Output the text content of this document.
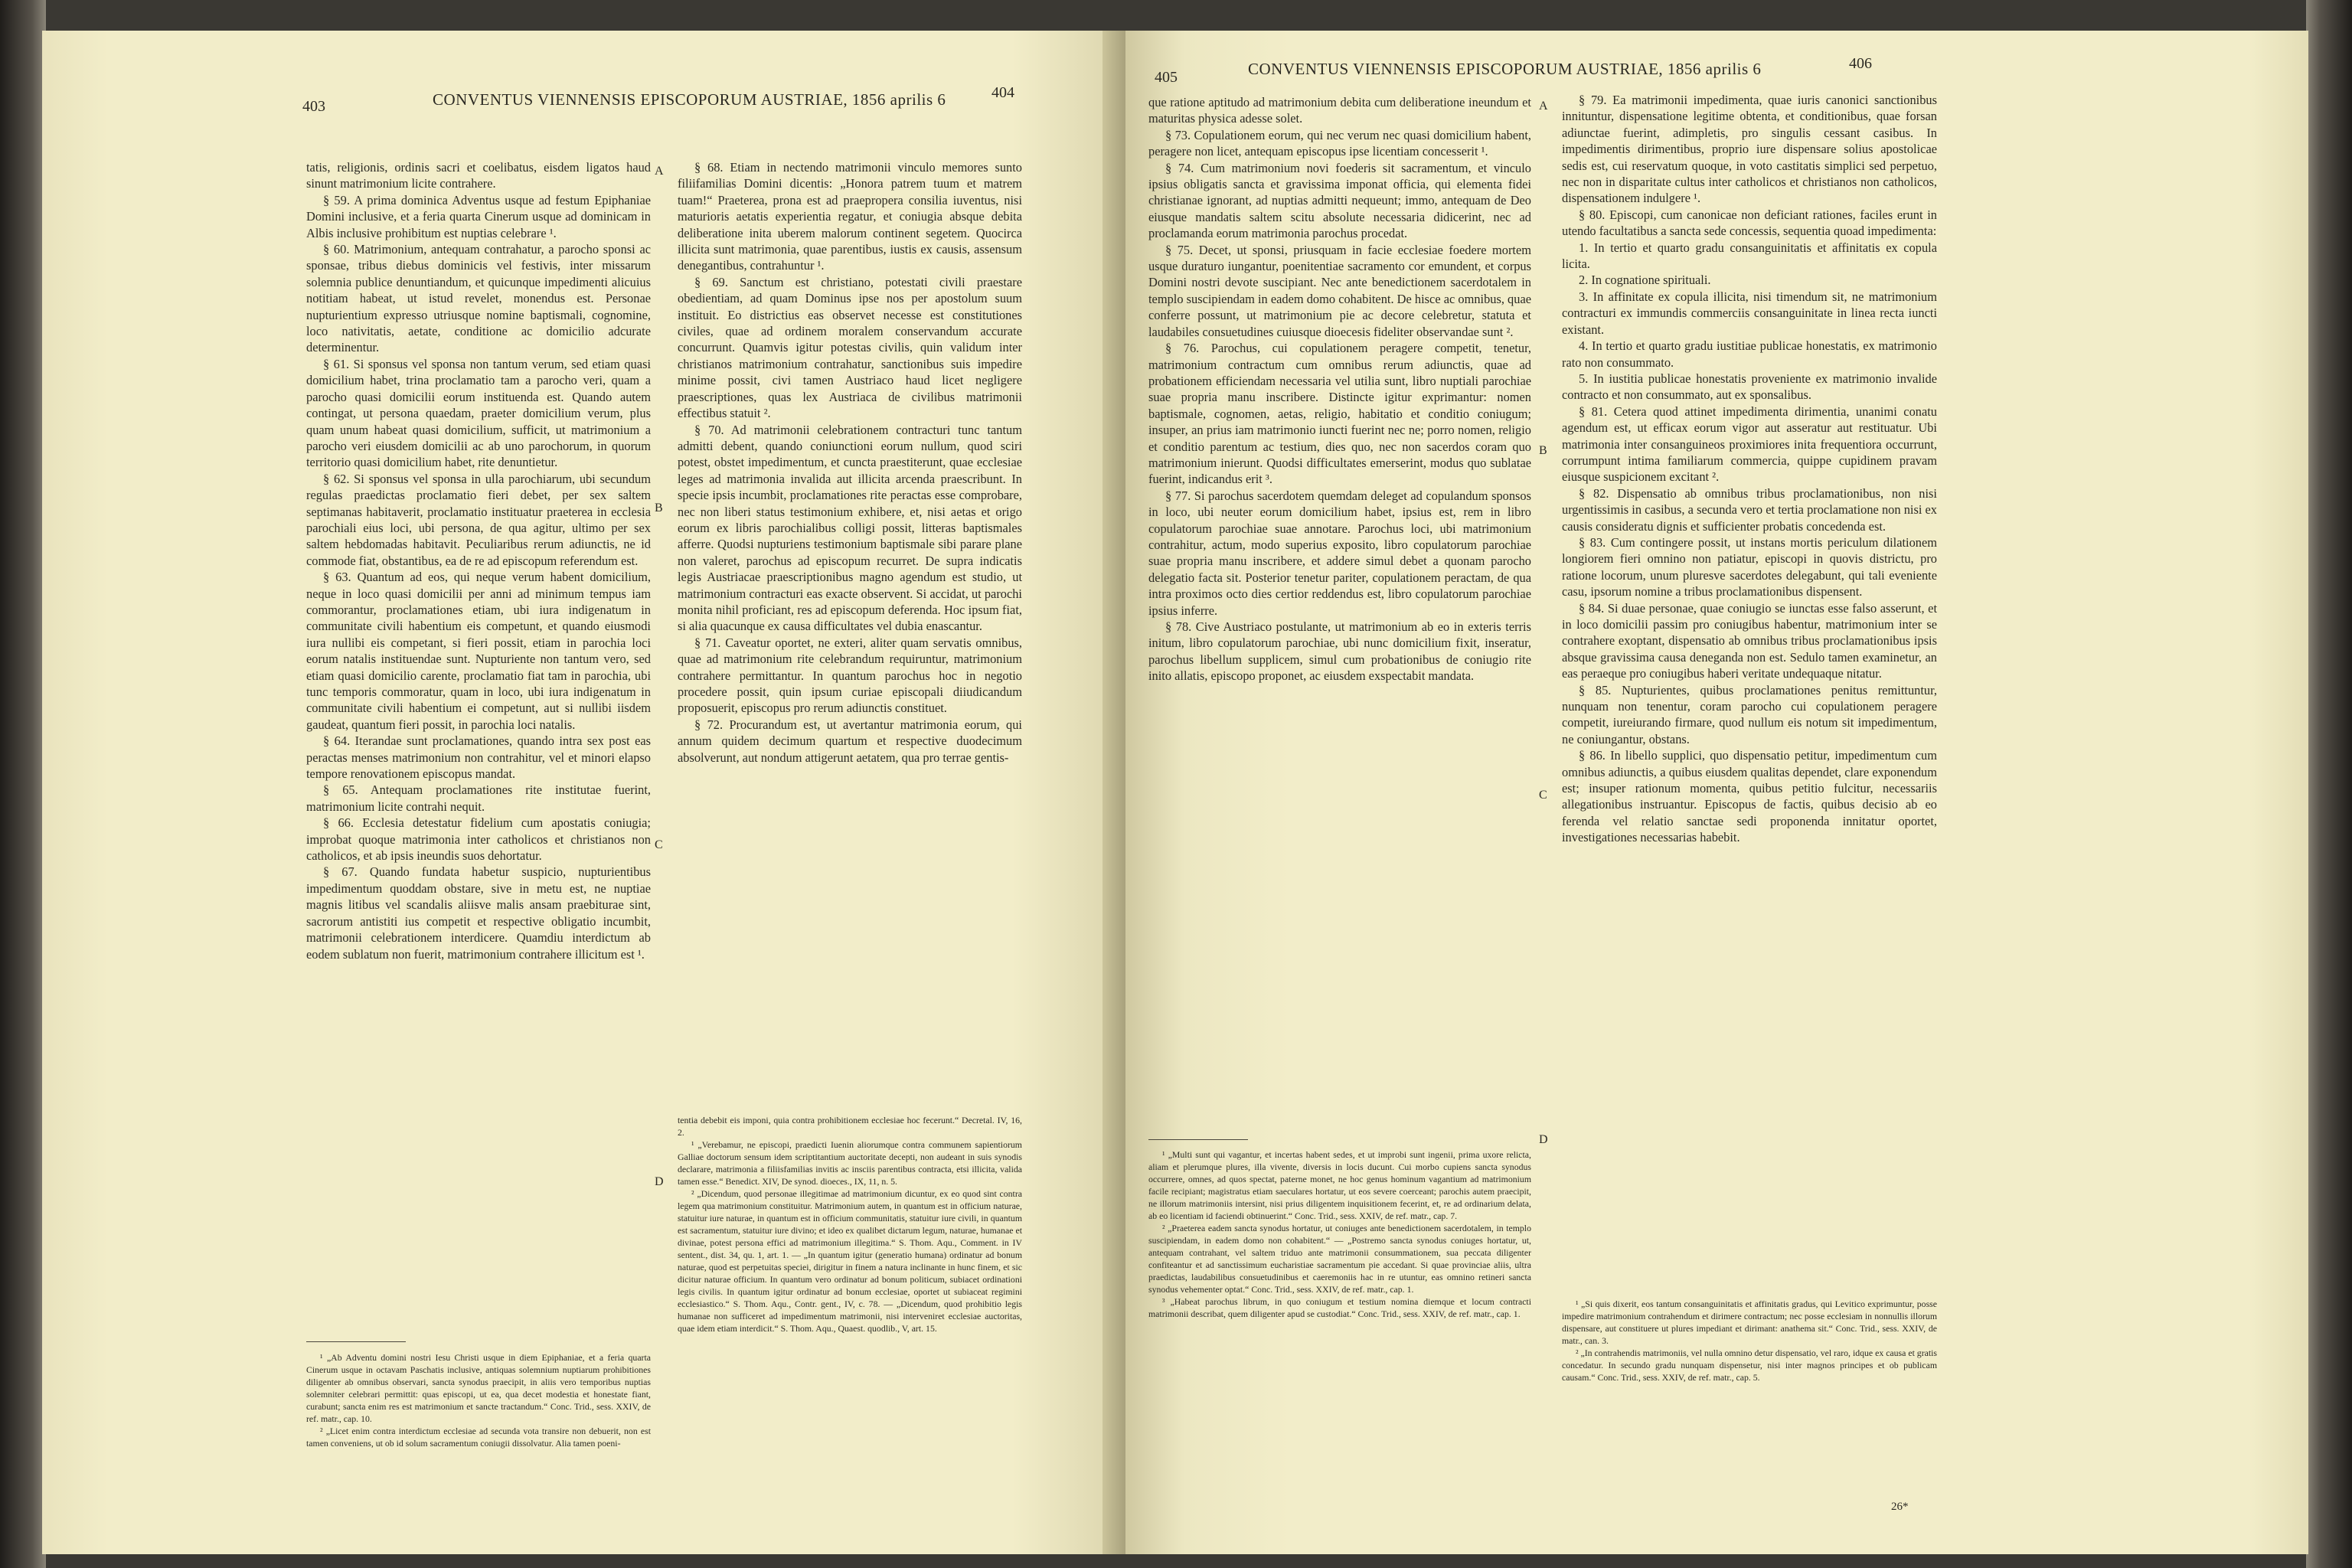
403	CONVENTUS VIENNENSIS EPISCOPORUM AUSTRIAE, 1856 aprilis 6	404
A
B
C
D

tatis, religionis, ordinis sacri et coelibatus, eisdem ligatos haud sinunt matrimonium licite contrahere.

§ 59. A prima dominica Adventus usque ad festum Epiphaniae Domini inclusive, et a feria quarta Cinerum usque ad dominicam in Albis inclusive prohibitum est nuptias celebrare ¹.

§ 60. Matrimonium, antequam contrahatur, a parocho sponsi ac sponsae, tribus diebus dominicis vel festivis, inter missarum solemnia publice denuntiandum, et quicunque impedimenti alicuius notitiam habeat, ut istud revelet, monendus est. Personae nupturientium expresso utriusque nomine baptismali, cognomine, loco nativitatis, aetate, conditione ac domicilio adcurate determinentur.

§ 61. Si sponsus vel sponsa non tantum verum, sed etiam quasi domicilium habet, trina proclamatio tam a parocho veri, quam a parocho quasi domicilii eorum instituenda est. Quando autem contingat, ut persona quaedam, praeter domicilium verum, plus quam unum habeat quasi domicilium, sufficit, ut matrimonium a parocho veri eiusdem domicilii ac ab uno parochorum, in quorum territorio quasi domicilium habet, rite denuntietur.

§ 62. Si sponsus vel sponsa in ulla parochiarum, ubi secundum regulas praedictas proclamatio fieri debet, per sex saltem septimanas habitaverit, proclamatio instituatur praeterea in ecclesia parochiali eius loci, ubi persona, de qua agitur, ultimo per sex saltem hebdomadas habitavit. Peculiaribus rerum adiunctis, ne id commode fiat, obstantibus, ea de re ad episcopum referendum est.

§ 63. Quantum ad eos, qui neque verum habent domicilium, neque in loco quasi domicilii per anni ad minimum tempus iam commorantur, proclamationes etiam, ubi iura indigenatum in communitate civili habentium eis competunt, et quando eiusmodi iura nullibi eis competant, si fieri possit, etiam in parochia loci eorum natalis instituendae sunt. Nupturiente non tantum vero, sed etiam quasi domicilio carente, proclamatio fiat tam in parochia, ubi tunc temporis commoratur, quam in loco, ubi iura indigenatum in communitate civili habentium ei competunt, aut si nullibi iisdem gaudeat, quantum fieri possit, in parochia loci natalis.

§ 64. Iterandae sunt proclamationes, quando intra sex post eas peractas menses matrimonium non contrahitur, vel et minori elapso tempore renovationem episcopus mandat.

§ 65. Antequam proclamationes rite institutae fuerint, matrimonium licite contrahi nequit.

§ 66. Ecclesia detestatur fidelium cum apostatis coniugia; improbat quoque matrimonia inter catholicos et christianos non catholicos, et ab ipsis ineundis suos dehortatur.

§ 67. Quando fundata habetur suspicio, nupturientibus impedimentum quoddam obstare, sive in metu est, ne nuptiae magnis litibus vel scandalis aliisve malis ansam praebiturae sint, sacrorum antistiti ius competit et respective obligatio incumbit, matrimonii celebrationem interdicere. Quamdiu interdictum ab eodem sublatum non fuerit, matrimonium contrahere illicitum est ¹.

§ 68. Etiam in nectendo matrimonii vinculo memores sunto filiifamilias Domini dicentis: „Honora patrem tuum et matrem tuam!“ Praeterea, prona est ad praeproperа consilia iuventus, nisi maturioris aetatis experientia regatur, et coniugia absque debita deliberatione inita uberem malorum continent segetem. Quocirca illicita sunt matrimonia, quae parentibus, iustis ex causis, assensum denegantibus, contrahuntur ¹.

§ 69. Sanctum est christiano, potestati civili praestare obedientiam, ad quam Dominus ipse nos per apostolum suum instituit. Eo districtius eas observet necesse est constitutiones civiles, quae ad ordinem moralem conservandum accurate concurrunt. Quamvis igitur potestas civilis, quin validum inter christianos matrimonium contrahatur, sanctionibus suis impedire minime possit, civi tamen Austriaco haud licet negligere praescriptiones, quas lex Austriaca de civilibus matrimonii effectibus statuit ².

§ 70. Ad matrimonii celebrationem contracturi tunc tantum admitti debent, quando coniunctioni eorum nullum, quod sciri potest, obstet impedimentum, et cuncta praestiterunt, quae ecclesiae leges ad matrimonia invalida aut illicita arcenda praescribunt. In specie ipsis incumbit, proclamationes rite peractas esse comprobare, nec non liberi status testimonium exhibere, et, nisi aetas et origo eorum ex libris parochialibus colligi possit, litteras baptismales afferre. Quodsi nupturiens testimonium baptismale sibi parare plane non valeret, parochus ad episcopum recurret. De supra indicatis legis Austriacae praescriptionibus magno agendum est studio, ut matrimonium contracturi eas exacte observent. Si accidat, ut parochi monita nihil proficiant, res ad episcopum deferenda. Hoc ipsum fiat, si alia quacunque ex causa difficultates vel dubia enascantur.

§ 71. Caveatur oportet, ne exteri, aliter quam servatis omnibus, quae ad matrimonium rite celebrandum requiruntur, matrimonium contrahere permittantur. In quantum parochus hoc in negotio procedere possit, quin ipsum curiae episcopali diiudicandum proposuerit, episcopus pro rerum adiunctis constituet.

§ 72. Procurandum est, ut avertantur matrimonia eorum, qui annum quidem decimum quartum et respective duodecimum absolverunt, aut nondum attigerunt aetatem, qua pro terrae gentis-

¹ „Ab Adventu domini nostri Iesu Christi usque in diem Epiphaniae, et a feria quarta Cinerum usque in octavam Paschatis inclusive, antiquas solemnium nuptiarum prohibitiones diligenter ab omnibus observari, sancta synodus praecipit, in aliis vero temporibus nuptias solemniter celebrari permittit: quas episcopi, ut ea, qua decet modestia et honestate fiant, curabunt; sancta enim res est matrimonium et sancte tractandum.“ Conc. Trid., sess. XXIV, de ref. matr., cap. 10.

² „Licet enim contra interdictum ecclesiae ad secunda vota transire non debuerit, non est tamen conveniens, ut ob id solum sacramentum coniugii dissolvatur. Alia tamen poeni-

tentia debebit eis imponi, quia contra prohibitionem ecclesiae hoc fecerunt.“ Decretal. IV, 16, 2.

¹ „Verebamur, ne episcopi, praedicti Iuenin aliorumque contra communem sapientiorum Galliae doctorum sensum idem scriptitantium auctoritate decepti, non audeant in suis synodis declarare, matrimonia a filiisfamilias invitis ac insciis parentibus contracta, etsi illicita, valida tamen esse.“ Benedict. XIV, De synod. dioeces., IX, 11, n. 5.

² „Dicendum, quod personae illegitimae ad matrimonium dicuntur, ex eo quod sint contra legem qua matrimonium constituitur. Matrimonium autem, in quantum est in officium naturae, statuitur iure naturae, in quantum est in officium communitatis, statuitur iure civili, in quantum est sacramentum, statuitur iure divino; et ideo ex qualibet dictarum legum, naturae, humanae et divinae, potest persona effici ad matrimonium illegitima.“ S. Thom. Aqu., Comment. in IV sentent., dist. 34, qu. 1, art. 1. — „In quantum igitur (generatio humana) ordinatur ad bonum naturae, quod est perpetuitas speciei, dirigitur in finem a natura inclinante in hunc finem, et sic dicitur naturae officium. In quantum vero ordinatur ad bonum politicum, subiacet ordinationi legis civilis. In quantum igitur ordinatur ad bonum ecclesiae, oportet ut subiaceat regimini ecclesiastico.“ S. Thom. Aqu., Contr. gent., IV, c. 78. — „Dicendum, quod prohibitio legis humanae non sufficeret ad impedimentum matrimonii, nisi interveniret ecclesiae auctoritas, quae idem etiam interdicit.“ S. Thom. Aqu., Quaest. quodlib., V, art. 15.

405	CONVENTUS VIENNENSIS EPISCOPORUM AUSTRIAE, 1856 aprilis 6	406
A
B
C
D

que ratione aptitudo ad matrimonium debita cum deliberatione ineundum et maturitas physica adesse solet.

§ 73. Copulationem eorum, qui nec verum nec quasi domicilium habent, peragere non licet, antequam episcopus ipse licentiam concesserit ¹.

§ 74. Cum matrimonium novi foederis sit sacramentum, et vinculo ipsius obligatis sancta et gravissima imponat officia, qui elementa fidei christianae ignorant, ad nuptias admitti nequeunt; immo, antequam de Deo eiusque mandatis saltem scitu absolute necessaria didicerint, nec ad proclamanda eorum matrimonia parochus procedat.

§ 75. Decet, ut sponsi, priusquam in facie ecclesiae foedere mortem usque duraturo iungantur, poenitentiae sacramento cor emundent, et corpus Domini nostri devote suscipiant. Nec ante benedictionem sacerdotalem in templo suscipiendam in eadem domo cohabitent. De hisce ac omnibus, quae conferre possunt, ut matrimonium pie ac decore celebretur, statuta et laudabiles consuetudines cuiusque dioecesis fideliter observandae sunt ².

§ 76. Parochus, cui copulationem peragere competit, tenetur, matrimonium contractum cum omnibus rerum adiunctis, quae ad probationem efficiendam necessaria vel utilia sunt, libro nuptiali parochiae suae propria manu inscribere. Distincte igitur exprimantur: nomen baptismale, cognomen, aetas, religio, habitatio et conditio coniugum; insuper, an prius iam matrimonio iuncti fuerint nec ne; porro nomen, religio et conditio parentum ac testium, dies quo, nec non sacerdos coram quo matrimonium inierunt. Quodsi difficultates emerserint, modus quo sublatae fuerint, indicandus erit ³.

§ 77. Si parochus sacerdotem quemdam deleget ad copulandum sponsos in loco, ubi neuter eorum domicilium habet, ipsius est, rem in libro copulatorum parochiae suae annotare. Parochus loci, ubi matrimonium contrahitur, actum, modo superius exposito, libro copulatorum parochiae suae propria manu inscribere, et addere simul debet a quonam parocho delegatio facta sit. Posterior tenetur pariter, copulationem peractam, de qua intra proximos octo dies certior reddendus est, libro copulatorum parochiae ipsius inferre.

§ 78. Cive Austriaco postulante, ut matrimonium ab eo in exteris terris initum, libro copulatorum parochiae, ubi nunc domicilium fixit, inseratur, parochus libellum supplicem, simul cum probationibus de coniugio rite inito allatis, episcopo proponet, ac eiusdem exspectabit mandata.

§ 79. Ea matrimonii impedimenta, quae iuris canonici sanctionibus innituntur, dispensatione legitime obtenta, et conditionibus, quae forsan adiunctae fuerint, adimpletis, pro singulis cessant casibus. In impedimentis dirimentibus, proprio iure dispensare solius apostolicae sedis est, cui reservatum quoque, in voto castitatis simplici sed perpetuo, nec non in disparitate cultus inter catholicos et christianos non catholicos, dispensationem indulgere ¹.

§ 80. Episcopi, cum canonicae non deficiant rationes, faciles erunt in utendo facultatibus a sancta sede concessis, sequentia quoad impedimenta:

1. In tertio et quarto gradu consanguinitatis et affinitatis ex copula licita.

2. In cognatione spirituali.

3. In affinitate ex copula illicita, nisi timendum sit, ne matrimonium contracturi ex immundis commerciis consanguinitate in linea recta iuncti existant.

4. In tertio et quarto gradu iustitiae publicae honestatis, ex matrimonio rato non consummato.

5. In iustitia publicae honestatis proveniente ex matrimonio invalide contracto et non consummato, aut ex sponsalibus.

§ 81. Cetera quod attinet impedimenta dirimentia, unanimi conatu agendum est, ut efficax eorum vigor aut asseratur aut restituatur. Ubi matrimonia inter consanguineos proximiores inita frequentiora occurrunt, corrumpunt intima familiarum commercia, quippe cupidinem pravam eiusque suspicionem excitant ².

§ 82. Dispensatio ab omnibus tribus proclamationibus, non nisi urgentissimis in casibus, a secunda vero et tertia proclamatione non nisi ex causis consideratu dignis et sufficienter probatis concedenda est.

§ 83. Cum contingere possit, ut instans mortis periculum dilationem longiorem fieri omnino non patiatur, episcopi in quovis districtu, pro ratione locorum, unum pluresve sacerdotes delegabunt, qui tali eveniente casu, ipsorum nomine a tribus proclamationibus dispensent.

§ 84. Si duae personae, quae coniugio se iunctas esse falso asserunt, et in loco domicilii passim pro coniugibus habentur, matrimonium inter se contrahere exoptant, dispensatio ab omnibus tribus proclamationibus ipsis absque gravissima causa deneganda non est. Sedulo tamen examinetur, an eas peraeque pro coniugibus haberi veritate undequaque nitatur.

§ 85. Nupturientes, quibus proclamationes penitus remittuntur, nunquam non tenentur, coram parocho cui copulationem peragere competit, iureiurando firmare, quod nullum eis notum sit impedimentum, ne coniungantur, obstans.

§ 86. In libello supplici, quo dispensatio petitur, impedimentum cum omnibus adiunctis, a quibus eiusdem qualitas dependet, clare exponendum est; insuper rationum momenta, quibus petitio fulcitur, necessariis allegationibus instruantur. Episcopus de factis, quibus decisio ab eo ferenda vel relatio sanctae sedi proponenda innitatur oportet, investigationes necessarias habebit.

¹ „Multi sunt qui vagantur, et incertas habent sedes, et ut improbi sunt ingenii, prima uxore relicta, aliam et plerumque plures, illa vivente, diversis in locis ducunt. Cui morbo cupiens sancta synodus occurrere, omnes, ad quos spectat, paterne monet, ne hoc genus hominum vagantium ad matrimonium facile recipiant; magistratus etiam saeculares hortatur, ut eos severe coerceant; parochis autem praecipit, ne illorum matrimoniis intersint, nisi prius diligentem inquisitionem fecerint, et, re ad ordinarium delata, ab eo licentiam id faciendi obtinuerint.“ Conc. Trid., sess. XXIV, de ref. matr., cap. 7.

² „Praeterea eadem sancta synodus hortatur, ut coniuges ante benedictionem sacerdotalem, in templo suscipiendam, in eadem domo non cohabitent.“ — „Postremo sancta synodus coniuges hortatur, ut, antequam contrahant, vel saltem triduo ante matrimonii consummationem, sua peccata diligenter confiteantur et ad sanctissimum eucharistiae sacramentum pie accedant. Si quae provinciae aliis, ultra praedictas, laudabilibus consuetudinibus et caeremoniis hac in re utuntur, eas omnino retineri sancta synodus vehementer optat.“ Conc. Trid., sess. XXIV, de ref. matr., cap. 1.

³ „Habeat parochus librum, in quo coniugum et testium nomina diemque et locum contracti matrimonii describat, quem diligenter apud se custodiat.“ Conc. Trid., sess. XXIV, de ref. matr., cap. 1.

¹ „Si quis dixerit, eos tantum consanguinitatis et affinitatis gradus, qui Levitico exprimuntur, posse impedire matrimonium contrahendum et dirimere contractum; nec posse ecclesiam in nonnullis illorum dispensare, aut constituere ut plures impediant et dirimant: anathema sit.“ Conc. Trid., sess. XXIV, de matr., can. 3.

² „In contrahendis matrimoniis, vel nulla omnino detur dispensatio, vel raro, idque ex causa et gratis concedatur. In secundo gradu nunquam dispensetur, nisi inter magnos principes et ob publicam causam.“ Conc. Trid., sess. XXIV, de ref. matr., cap. 5.

26*
